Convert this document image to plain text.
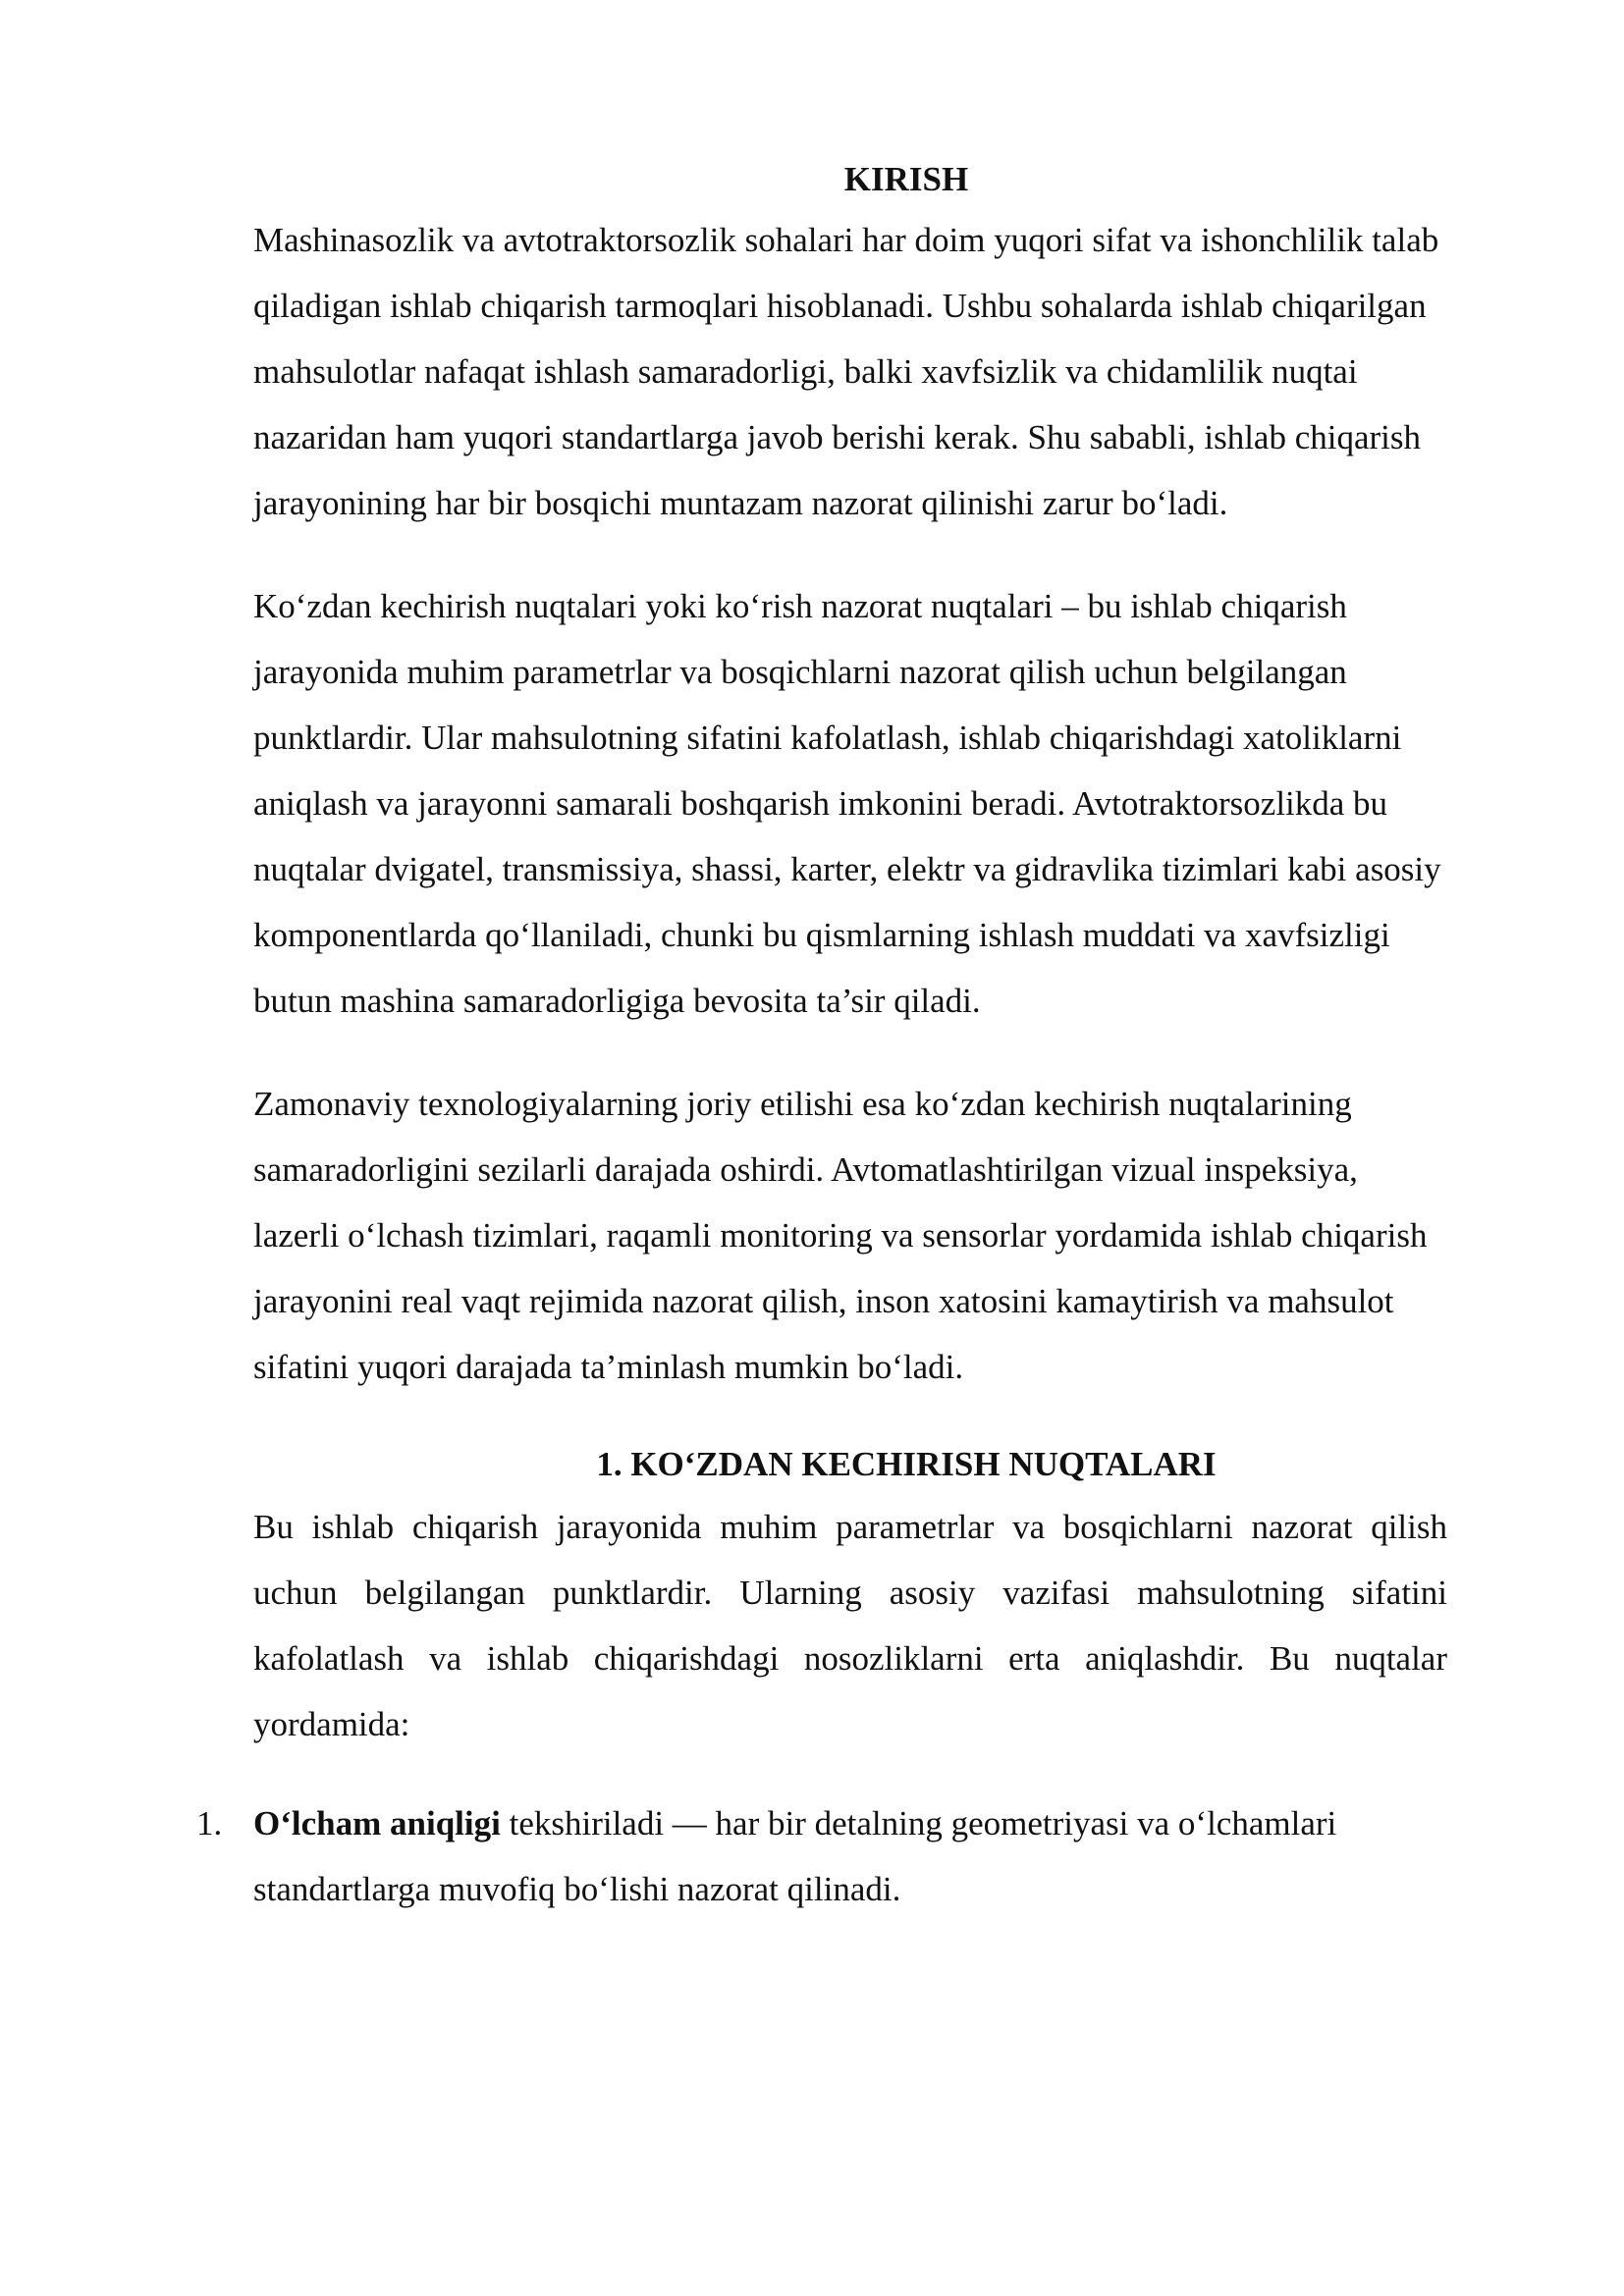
KIRISH

Mashinasozlik va avtotraktorsozlik sohalari har doim yuqori sifat va ishonchlilik talab qiladigan ishlab chiqarish tarmoqlari hisoblanadi. Ushbu sohalarda ishlab chiqarilgan mahsulotlar nafaqat ishlash samaradorligi, balki xavfsizlik va chidamlilik nuqtai nazaridan ham yuqori standartlarga javob berishi kerak. Shu sababli, ishlab chiqarish jarayonining har bir bosqichi muntazam nazorat qilinishi zarur bo‘ladi.

Ko‘zdan kechirish nuqtalari yoki ko‘rish nazorat nuqtalari – bu ishlab chiqarish jarayonida muhim parametrlar va bosqichlarni nazorat qilish uchun belgilangan punktlardir. Ular mahsulotning sifatini kafolatlash, ishlab chiqarishdagi xatoliklarni aniqlash va jarayonni samarali boshqarish imkonini beradi. Avtotraktorsozlikda bu nuqtalar dvigatel, transmissiya, shassi, karter, elektr va gidravlika tizimlari kabi asosiy komponentlarda qo‘llaniladi, chunki bu qismlarning ishlash muddati va xavfsizligi butun mashina samaradorligiga bevosita ta’sir qiladi.

Zamonaviy texnologiyalarning joriy etilishi esa ko‘zdan kechirish nuqtalarining samaradorligini sezilarli darajada oshirdi. Avtomatlashtirilgan vizual inspeksiya, lazerli o‘lchash tizimlari, raqamli monitoring va sensorlar yordamida ishlab chiqarish jarayonini real vaqt rejimida nazorat qilish, inson xatosini kamaytirish va mahsulot sifatini yuqori darajada ta’minlash mumkin bo‘ladi.

1. KO‘ZDAN KECHIRISH NUQTALARI

Bu ishlab chiqarish jarayonida muhim parametrlar va bosqichlarni nazorat qilish uchun belgilangan punktlardir. Ularning asosiy vazifasi mahsulotning sifatini kafolatlash va ishlab chiqarishdagi nosozliklarni erta aniqlashdir. Bu nuqtalar yordamida:

1. O‘lcham aniqligi tekshiriladi — har bir detalning geometriyasi va o‘lchamlari standartlarga muvofiq bo‘lishi nazorat qilinadi.
